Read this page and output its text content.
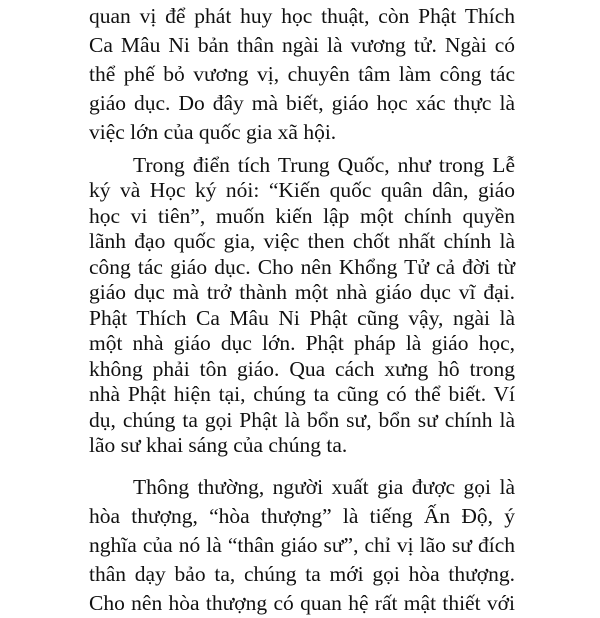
quan vị để phát huy học thuật, còn Phật Thích
Ca Mâu Ni bản thân ngài là vương tử. Ngài có
thể phế bỏ vương vị, chuyên tâm làm công tác
giáo dục. Do đây mà biết, giáo học xác thực là
việc lớn của quốc gia xã hội.
Trong điển tích Trung Quốc, như trong Lễ
ký và Học ký nói: “Kiến quốc quân dân, giáo
học vi tiên”, muốn kiến lập một chính quyền
lãnh đạo quốc gia, việc then chốt nhất chính là
công tác giáo dục. Cho nên Khổng Tử cả đời từ
giáo dục mà trở thành một nhà giáo dục vĩ đại.
Phật Thích Ca Mâu Ni Phật cũng vậy, ngài là
một nhà giáo dục lớn. Phật pháp là giáo học,
không phải tôn giáo. Qua cách xưng hô trong
nhà Phật hiện tại, chúng ta cũng có thể biết. Ví
dụ, chúng ta gọi Phật là bổn sư, bổn sư chính là
lão sư khai sáng của chúng ta.
Thông thường, người xuất gia được gọi là
hòa thượng, “hòa thượng” là tiếng Ấn Độ, ý
nghĩa của nó là “thân giáo sư”, chỉ vị lão sư đích
thân dạy bảo ta, chúng ta mới gọi hòa thượng.
Cho nên hòa thượng có quan hệ rất mật thiết với
